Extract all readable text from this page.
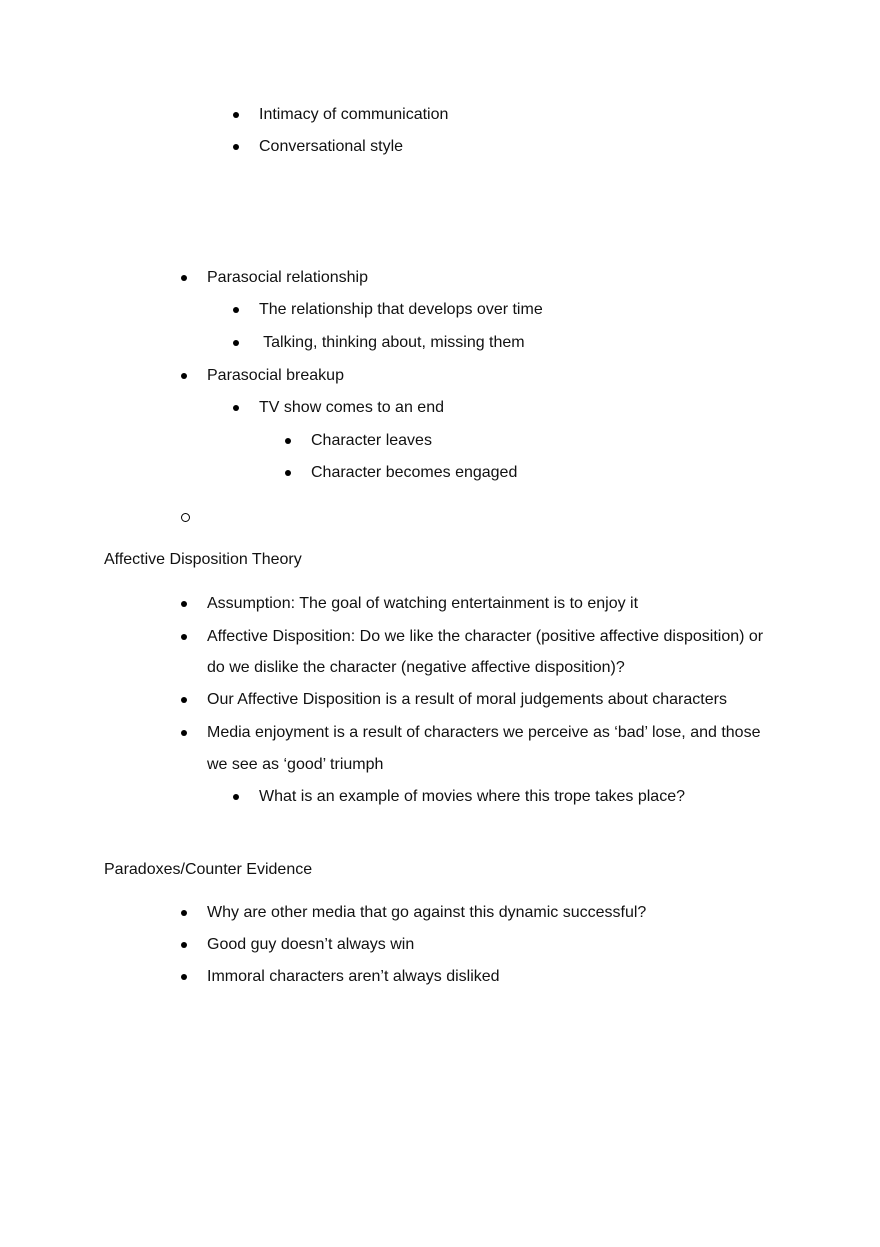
Intimacy of communication
Conversational style
Parasocial relationship
The relationship that develops over time
Talking, thinking about, missing them
Parasocial breakup
TV show comes to an end
Character leaves
Character becomes engaged
Affective Disposition Theory
Assumption: The goal of watching entertainment is to enjoy it
Affective Disposition: Do we like the character (positive affective disposition) or
do we dislike the character (negative affective disposition)?
Our Affective Disposition is a result of moral judgements about characters
Media enjoyment is a result of characters we perceive as ‘bad’ lose, and those
we see as ‘good’ triumph
What is an example of movies where this trope takes place?
Paradoxes/Counter Evidence
Why are other media that go against this dynamic successful?
Good guy doesn’t always win
Immoral characters aren’t always disliked
